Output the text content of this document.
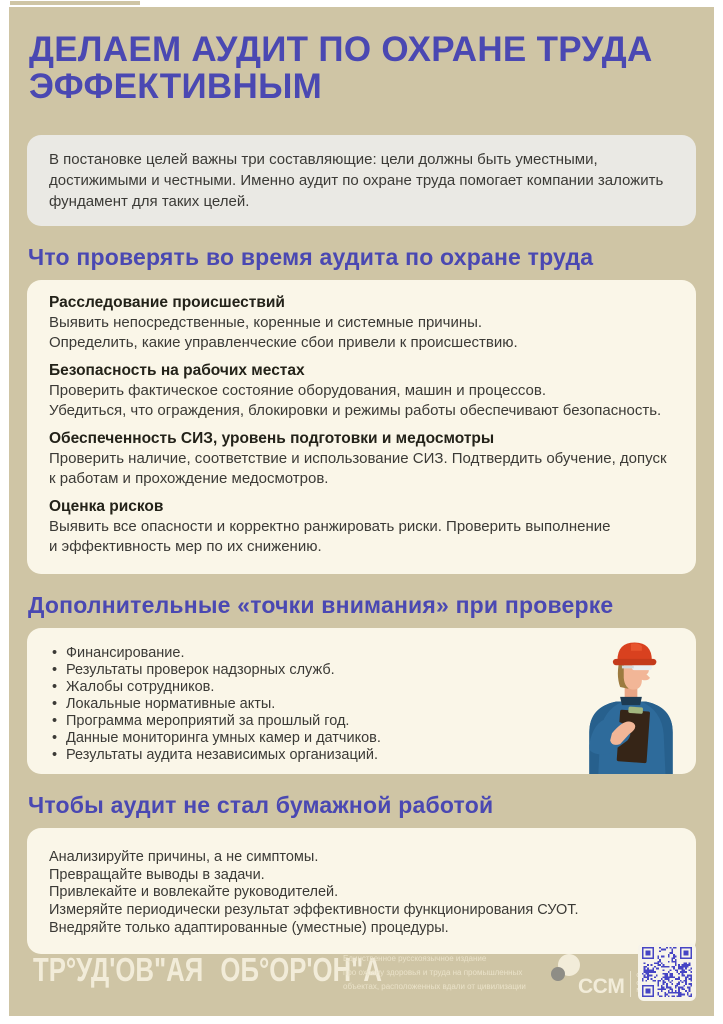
ДЕЛАЕМ АУДИТ ПО ОХРАНЕ ТРУДА ЭФФЕКТИВНЫМ
В постановке целей важны три составляющие: цели должны быть уместными, достижимыми и честными. Именно аудит по охране труда помогает компании заложить фундамент для таких целей.
Что проверять во время аудита по охране труда
Расследование происшествий
Выявить непосредственные, коренные и системные причины.
Определить, какие управленческие сбои привели к происшествию.
Безопасность на рабочих местах
Проверить фактическое состояние оборудования, машин и процессов.
Убедиться, что ограждения, блокировки и режимы работы обеспечивают безопасность.
Обеспеченность СИЗ, уровень подготовки и медосмотры
Проверить наличие, соответствие и использование СИЗ. Подтвердить обучение, допуск
к работам и прохождение медосмотров.
Оценка рисков
Выявить все опасности и корректно ранжировать риски. Проверить выполнение
и эффективность мер по их снижению.
Дополнительные «точки внимания» при проверке
• Финансирование.
• Результаты проверок надзорных служб.
• Жалобы сотрудников.
• Локальные нормативные акты.
• Программа мероприятий за прошлый год.
• Данные мониторинга умных камер и датчиков.
• Результаты аудита независимых организаций.
Чтобы аудит не стал бумажной работой
Анализируйте причины, а не симптомы.
Превращайте выводы в задачи.
Привлекайте и вовлекайте руководителей.
Измеряйте периодически результат эффективности функционирования СУОТ.
Внедряйте только адаптированные (уместные) процедуры.
ТР°УД'ОВ"АЯ ОБ°ОР'ОН"А
Единственное русскоязычное издание
про охрану здоровья и труда на промышленных
объектах, расположенных вдали от цивилизации CCM
